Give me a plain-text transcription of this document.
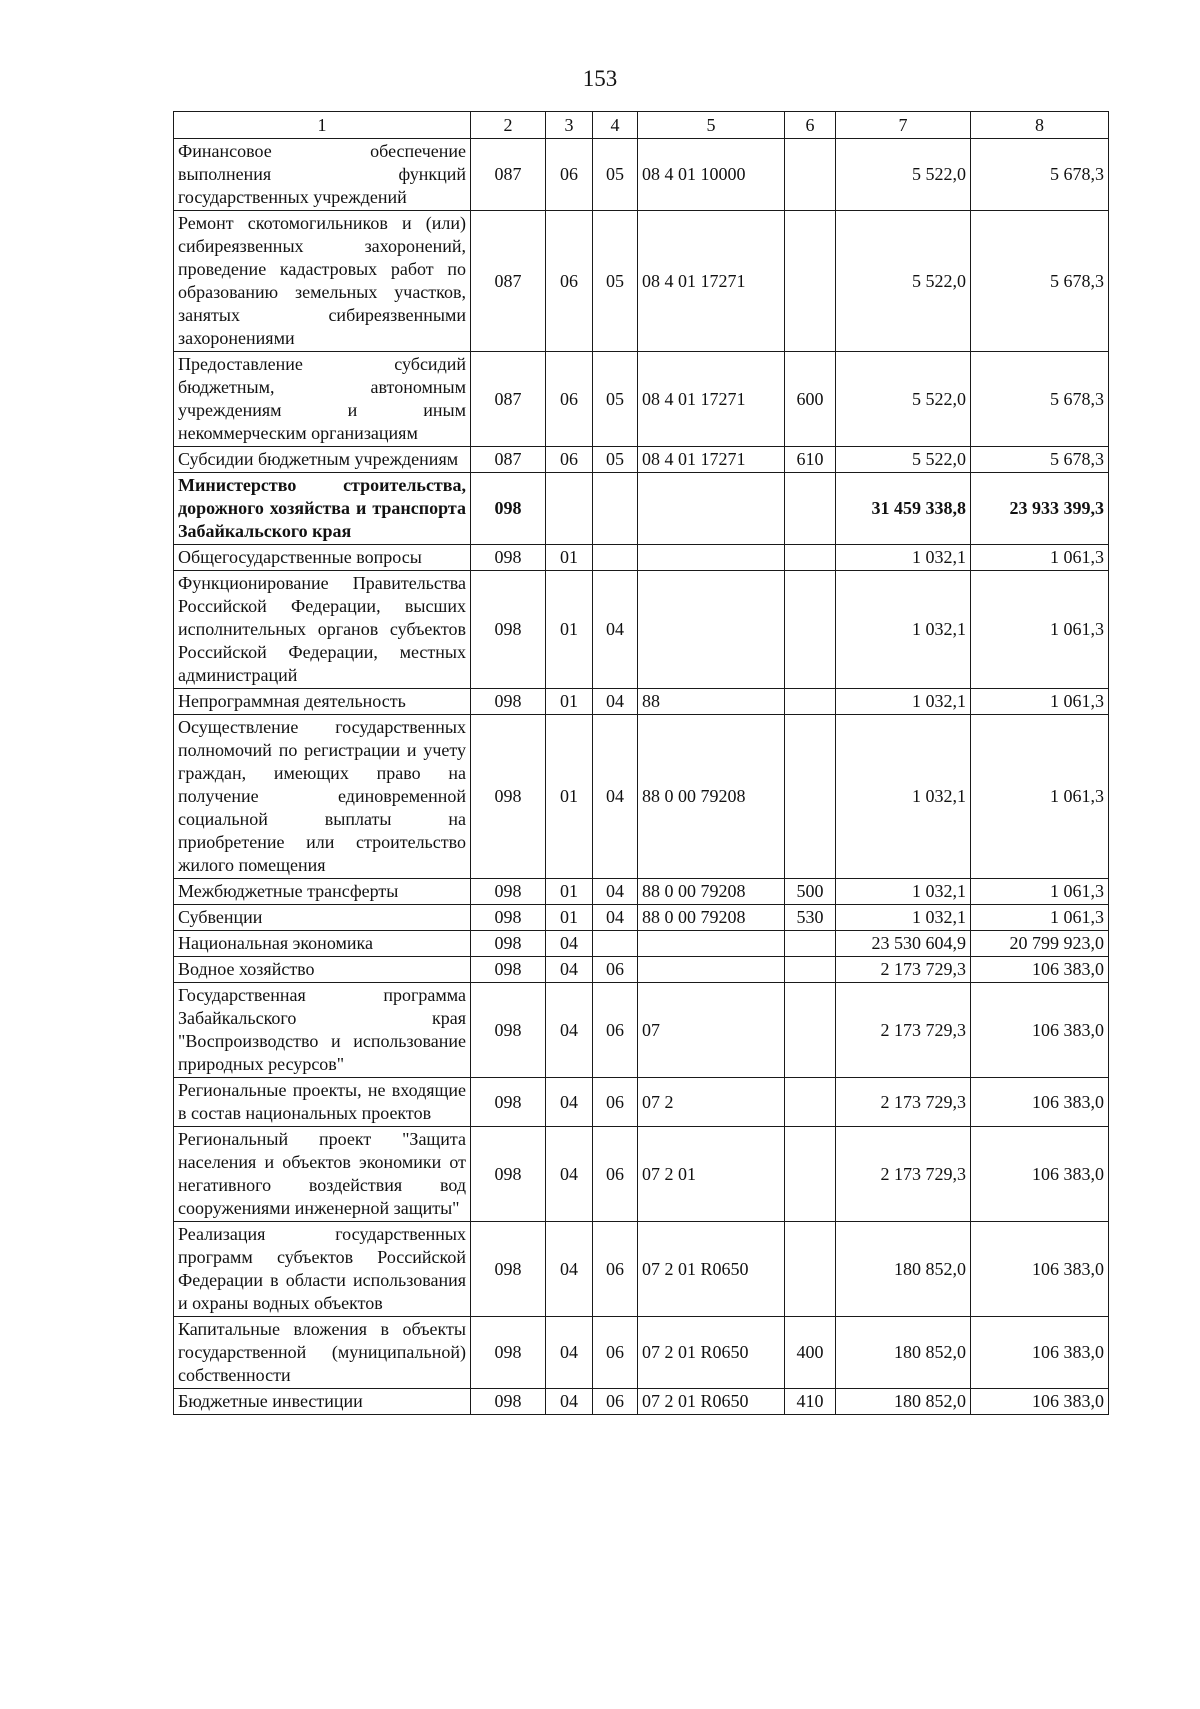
153
1	2	3	4	5	6	7	8
Финансовое обеспечение выполнения функций государственных учреждений	087	06	05	08 4 01 10000		5 522,0	5 678,3
Ремонт скотомогильников и (или) сибиреязвенных захоронений, проведение кадастровых работ по образованию земельных участков, занятых сибиреязвенными захоронениями	087	06	05	08 4 01 17271		5 522,0	5 678,3
Предоставление субсидий бюджетным, автономным учреждениям и иным некоммерческим организациям	087	06	05	08 4 01 17271	600	5 522,0	5 678,3
Субсидии бюджетным учреждениям	087	06	05	08 4 01 17271	610	5 522,0	5 678,3
Министерство строительства, дорожного хозяйства и транспорта Забайкальского края	098					31 459 338,8	23 933 399,3
Общегосударственные вопросы	098	01				1 032,1	1 061,3
Функционирование Правительства Российской Федерации, высших исполнительных органов субъектов Российской Федерации, местных администраций	098	01	04			1 032,1	1 061,3
Непрограммная деятельность	098	01	04	88		1 032,1	1 061,3
Осуществление государственных полномочий по регистрации и учету граждан, имеющих право на получение единовременной социальной выплаты на приобретение или строительство жилого помещения	098	01	04	88 0 00 79208		1 032,1	1 061,3
Межбюджетные трансферты	098	01	04	88 0 00 79208	500	1 032,1	1 061,3
Субвенции	098	01	04	88 0 00 79208	530	1 032,1	1 061,3
Национальная экономика	098	04				23 530 604,9	20 799 923,0
Водное хозяйство	098	04	06			2 173 729,3	106 383,0
Государственная программа Забайкальского края "Воспроизводство и использование природных ресурсов"	098	04	06	07		2 173 729,3	106 383,0
Региональные проекты, не входящие в состав национальных проектов	098	04	06	07 2		2 173 729,3	106 383,0
Региональный проект "Защита населения и объектов экономики от негативного воздействия вод сооружениями инженерной защиты"	098	04	06	07 2 01		2 173 729,3	106 383,0
Реализация государственных программ субъектов Российской Федерации в области использования и охраны водных объектов	098	04	06	07 2 01 R0650		180 852,0	106 383,0
Капитальные вложения в объекты государственной (муниципальной) собственности	098	04	06	07 2 01 R0650	400	180 852,0	106 383,0
Бюджетные инвестиции	098	04	06	07 2 01 R0650	410	180 852,0	106 383,0
